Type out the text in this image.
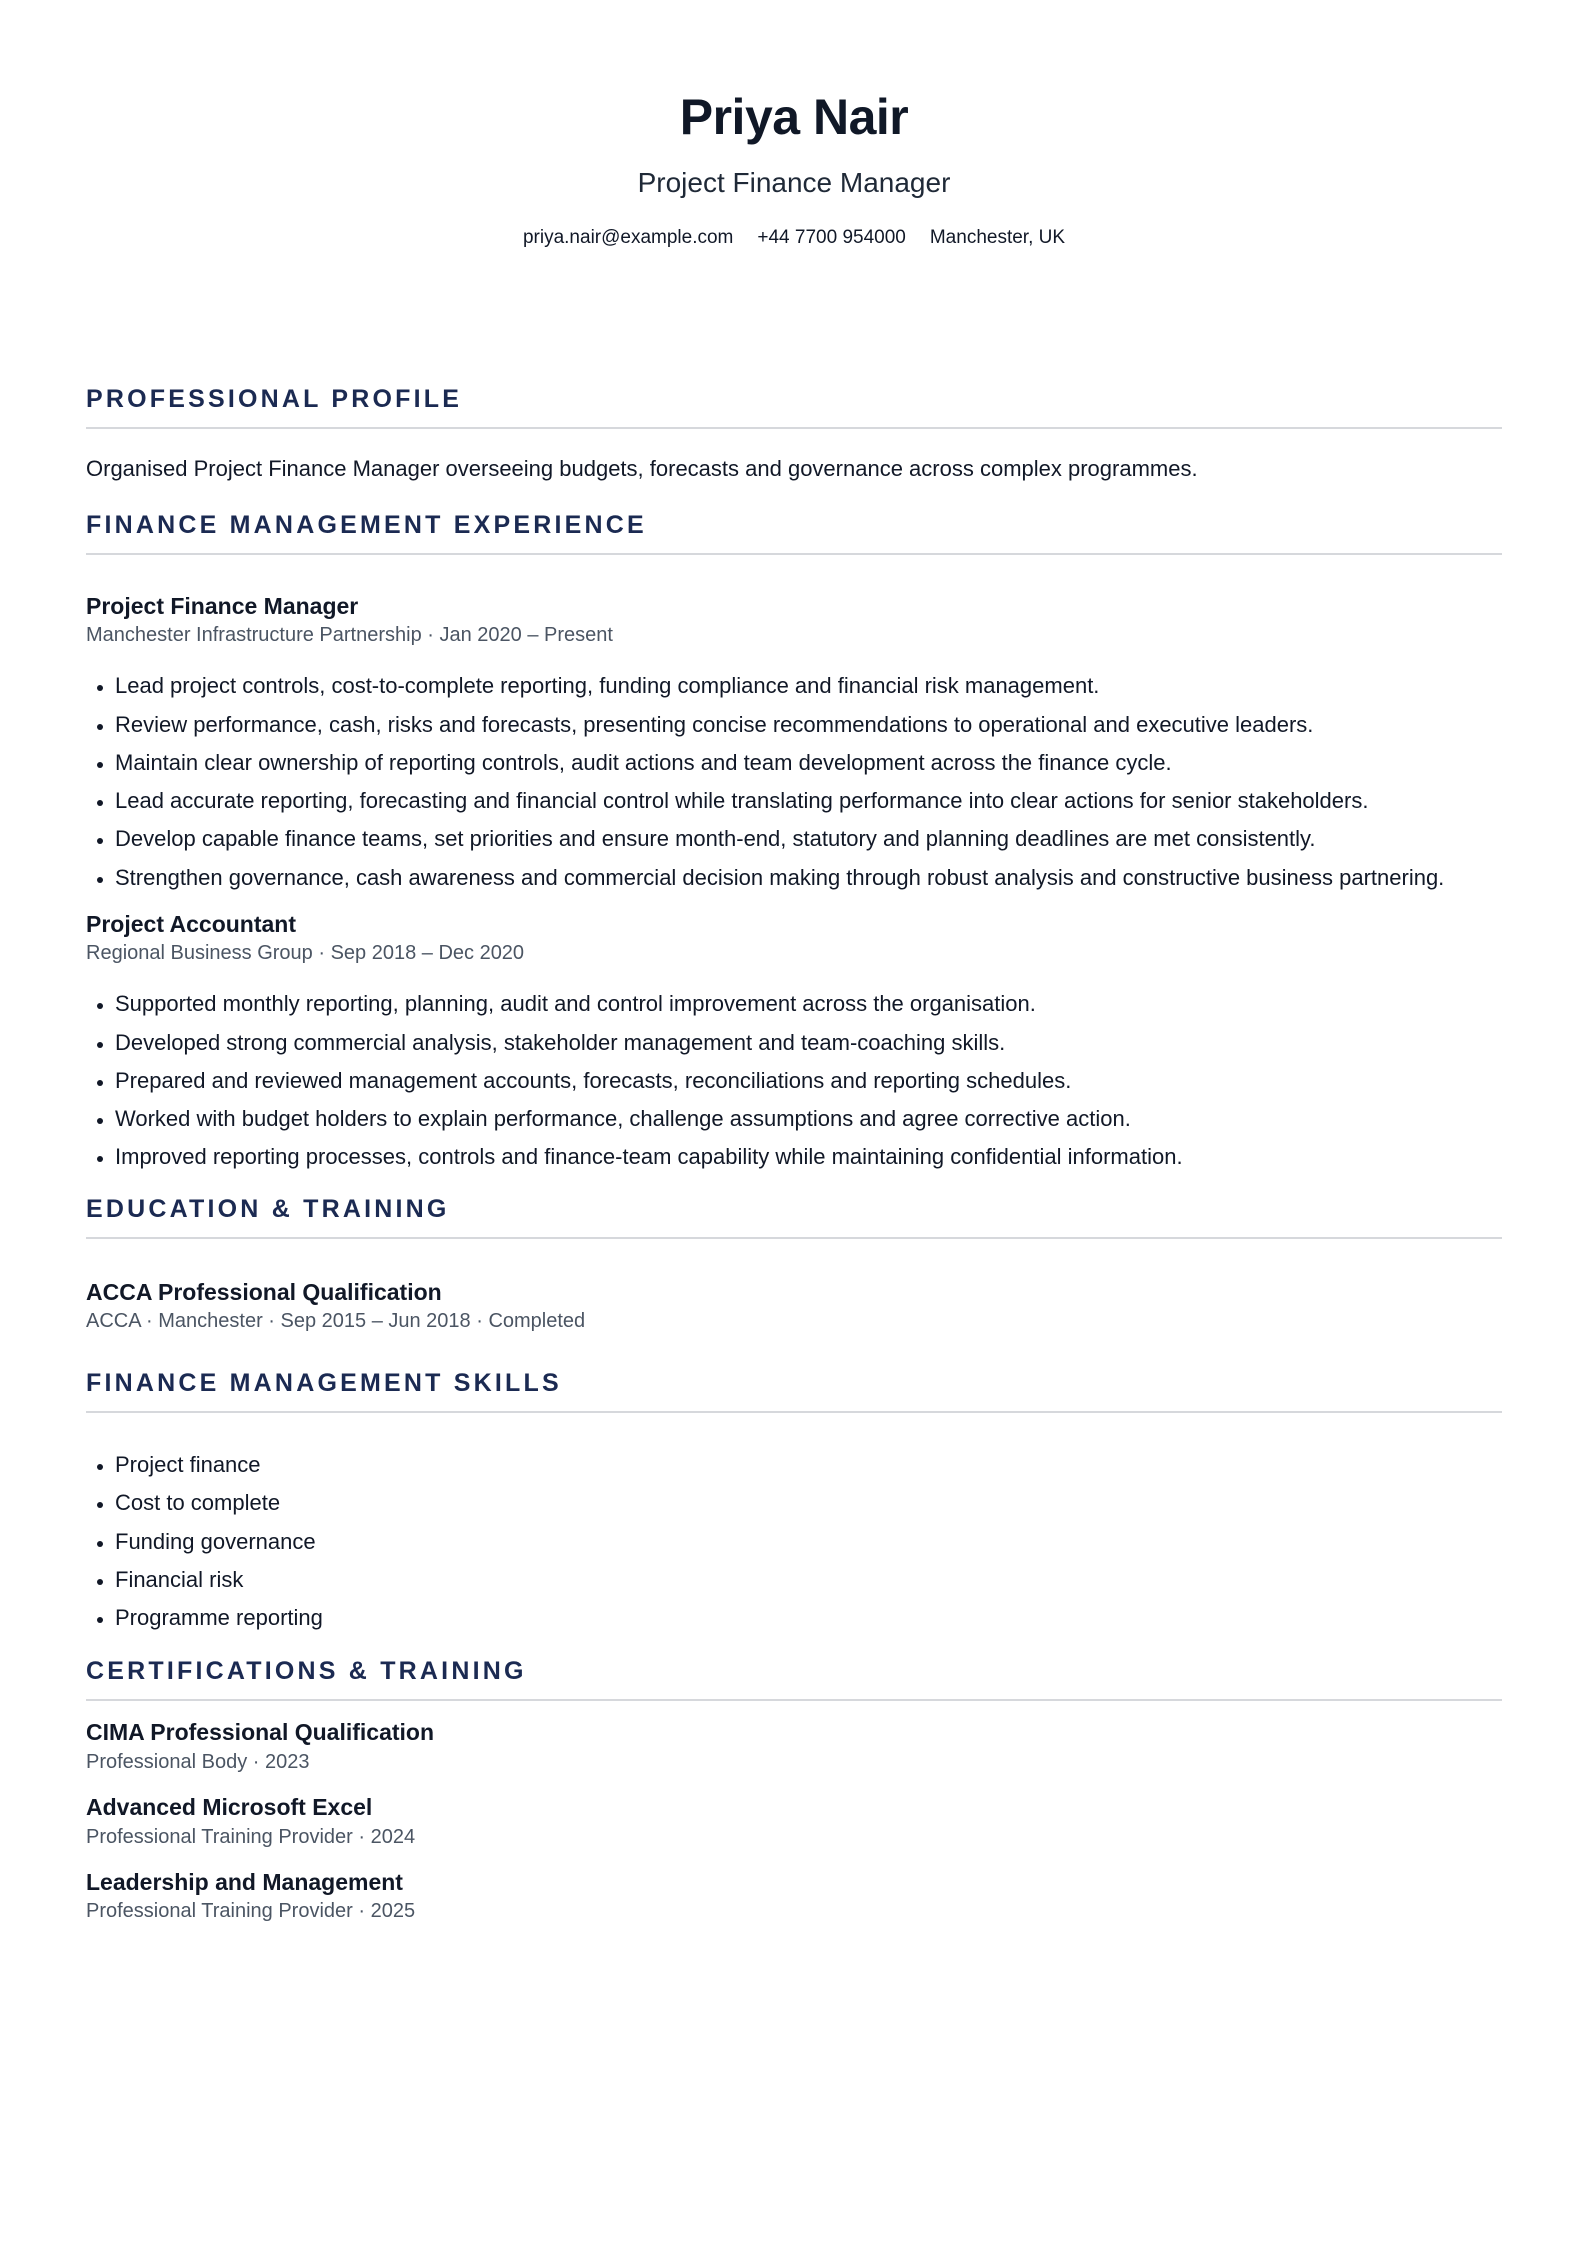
Priya Nair
Project Finance Manager
priya.nair@example.com +44 7700 954000 Manchester, UK
PROFESSIONAL PROFILE
Organised Project Finance Manager overseeing budgets, forecasts and governance across complex programmes.
FINANCE MANAGEMENT EXPERIENCE
Project Finance Manager
Manchester Infrastructure Partnership · Jan 2020 – Present
• Lead project controls, cost-to-complete reporting, funding compliance and financial risk management.
• Review performance, cash, risks and forecasts, presenting concise recommendations to operational and executive leaders.
• Maintain clear ownership of reporting controls, audit actions and team development across the finance cycle.
• Lead accurate reporting, forecasting and financial control while translating performance into clear actions for senior stakeholders.
• Develop capable finance teams, set priorities and ensure month-end, statutory and planning deadlines are met consistently.
• Strengthen governance, cash awareness and commercial decision making through robust analysis and constructive business partnering.
Project Accountant
Regional Business Group · Sep 2018 – Dec 2020
• Supported monthly reporting, planning, audit and control improvement across the organisation.
• Developed strong commercial analysis, stakeholder management and team-coaching skills.
• Prepared and reviewed management accounts, forecasts, reconciliations and reporting schedules.
• Worked with budget holders to explain performance, challenge assumptions and agree corrective action.
• Improved reporting processes, controls and finance-team capability while maintaining confidential information.
EDUCATION & TRAINING
ACCA Professional Qualification
ACCA · Manchester · Sep 2015 – Jun 2018 · Completed
FINANCE MANAGEMENT SKILLS
• Project finance
• Cost to complete
• Funding governance
• Financial risk
• Programme reporting
CERTIFICATIONS & TRAINING
CIMA Professional Qualification
Professional Body · 2023
Advanced Microsoft Excel
Professional Training Provider · 2024
Leadership and Management
Professional Training Provider · 2025
